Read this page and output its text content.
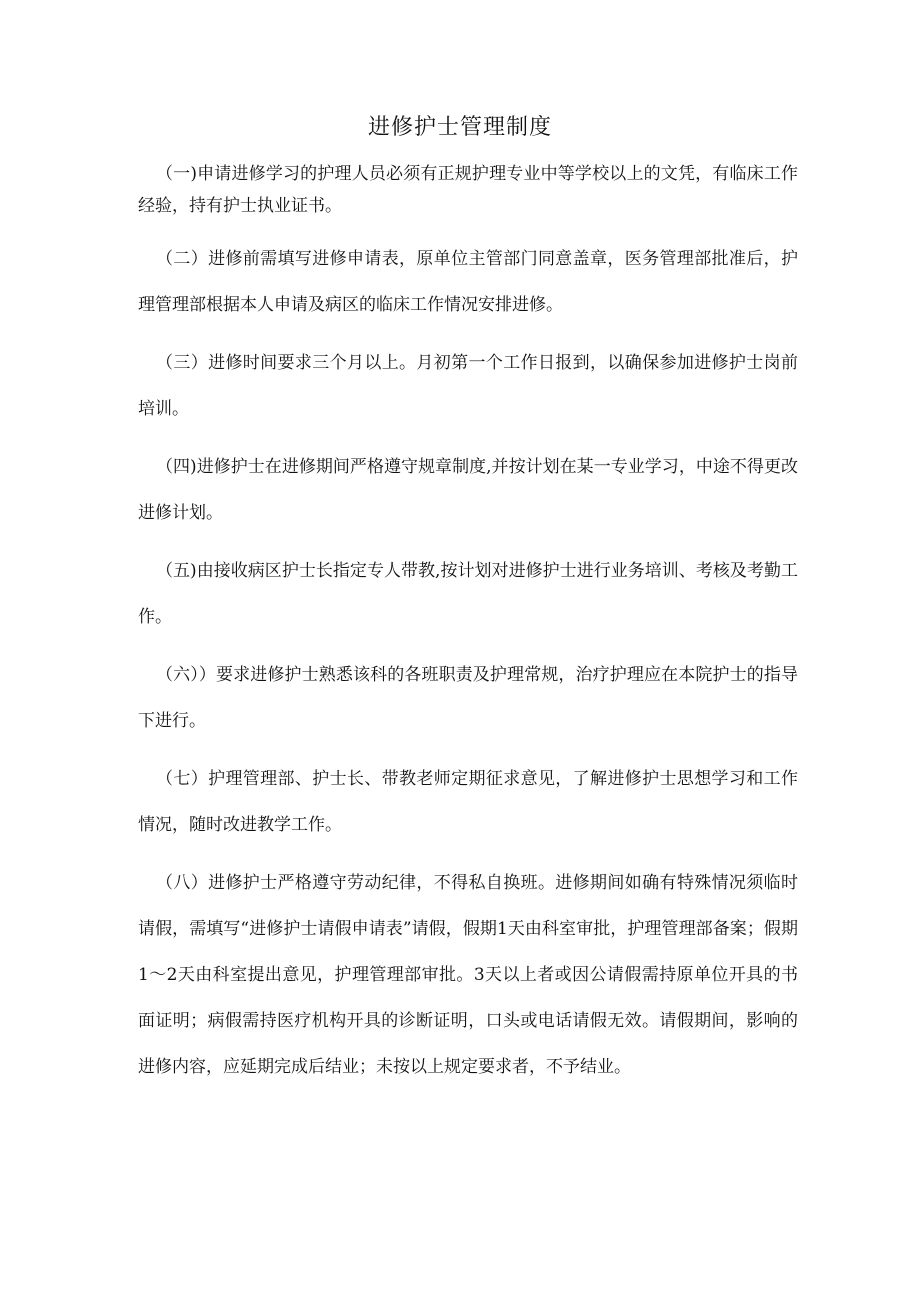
进修护士管理制度

（一)申请进修学习的护理人员必须有正规护理专业中等学校以上的文凭，有临床工作经验，持有护士执业证书。

（二）进修前需填写进修申请表，原单位主管部门同意盖章，医务管理部批准后，护理管理部根据本人申请及病区的临床工作情况安排进修。

（三）进修时间要求三个月以上。月初第一个工作日报到，以确保参加进修护士岗前培训。

（四)进修护士在进修期间严格遵守规章制度,并按计划在某一专业学习，中途不得更改进修计划。

（五)由接收病区护士长指定专人带教,按计划对进修护士进行业务培训、考核及考勤工作。

（六））要求进修护士熟悉该科的各班职责及护理常规，治疗护理应在本院护士的指导下进行。

（七）护理管理部、护士长、带教老师定期征求意见，了解进修护士思想学习和工作情况，随时改进教学工作。

（八）进修护士严格遵守劳动纪律，不得私自换班。进修期间如确有特殊情况须临时请假，需填写“进修护士请假申请表”请假，假期1天由科室审批，护理管理部备案；假期1～2天由科室提出意见，护理管理部审批。3天以上者或因公请假需持原单位开具的书面证明；病假需持医疗机构开具的诊断证明，口头或电话请假无效。请假期间，影响的进修内容，应延期完成后结业；未按以上规定要求者，不予结业。
